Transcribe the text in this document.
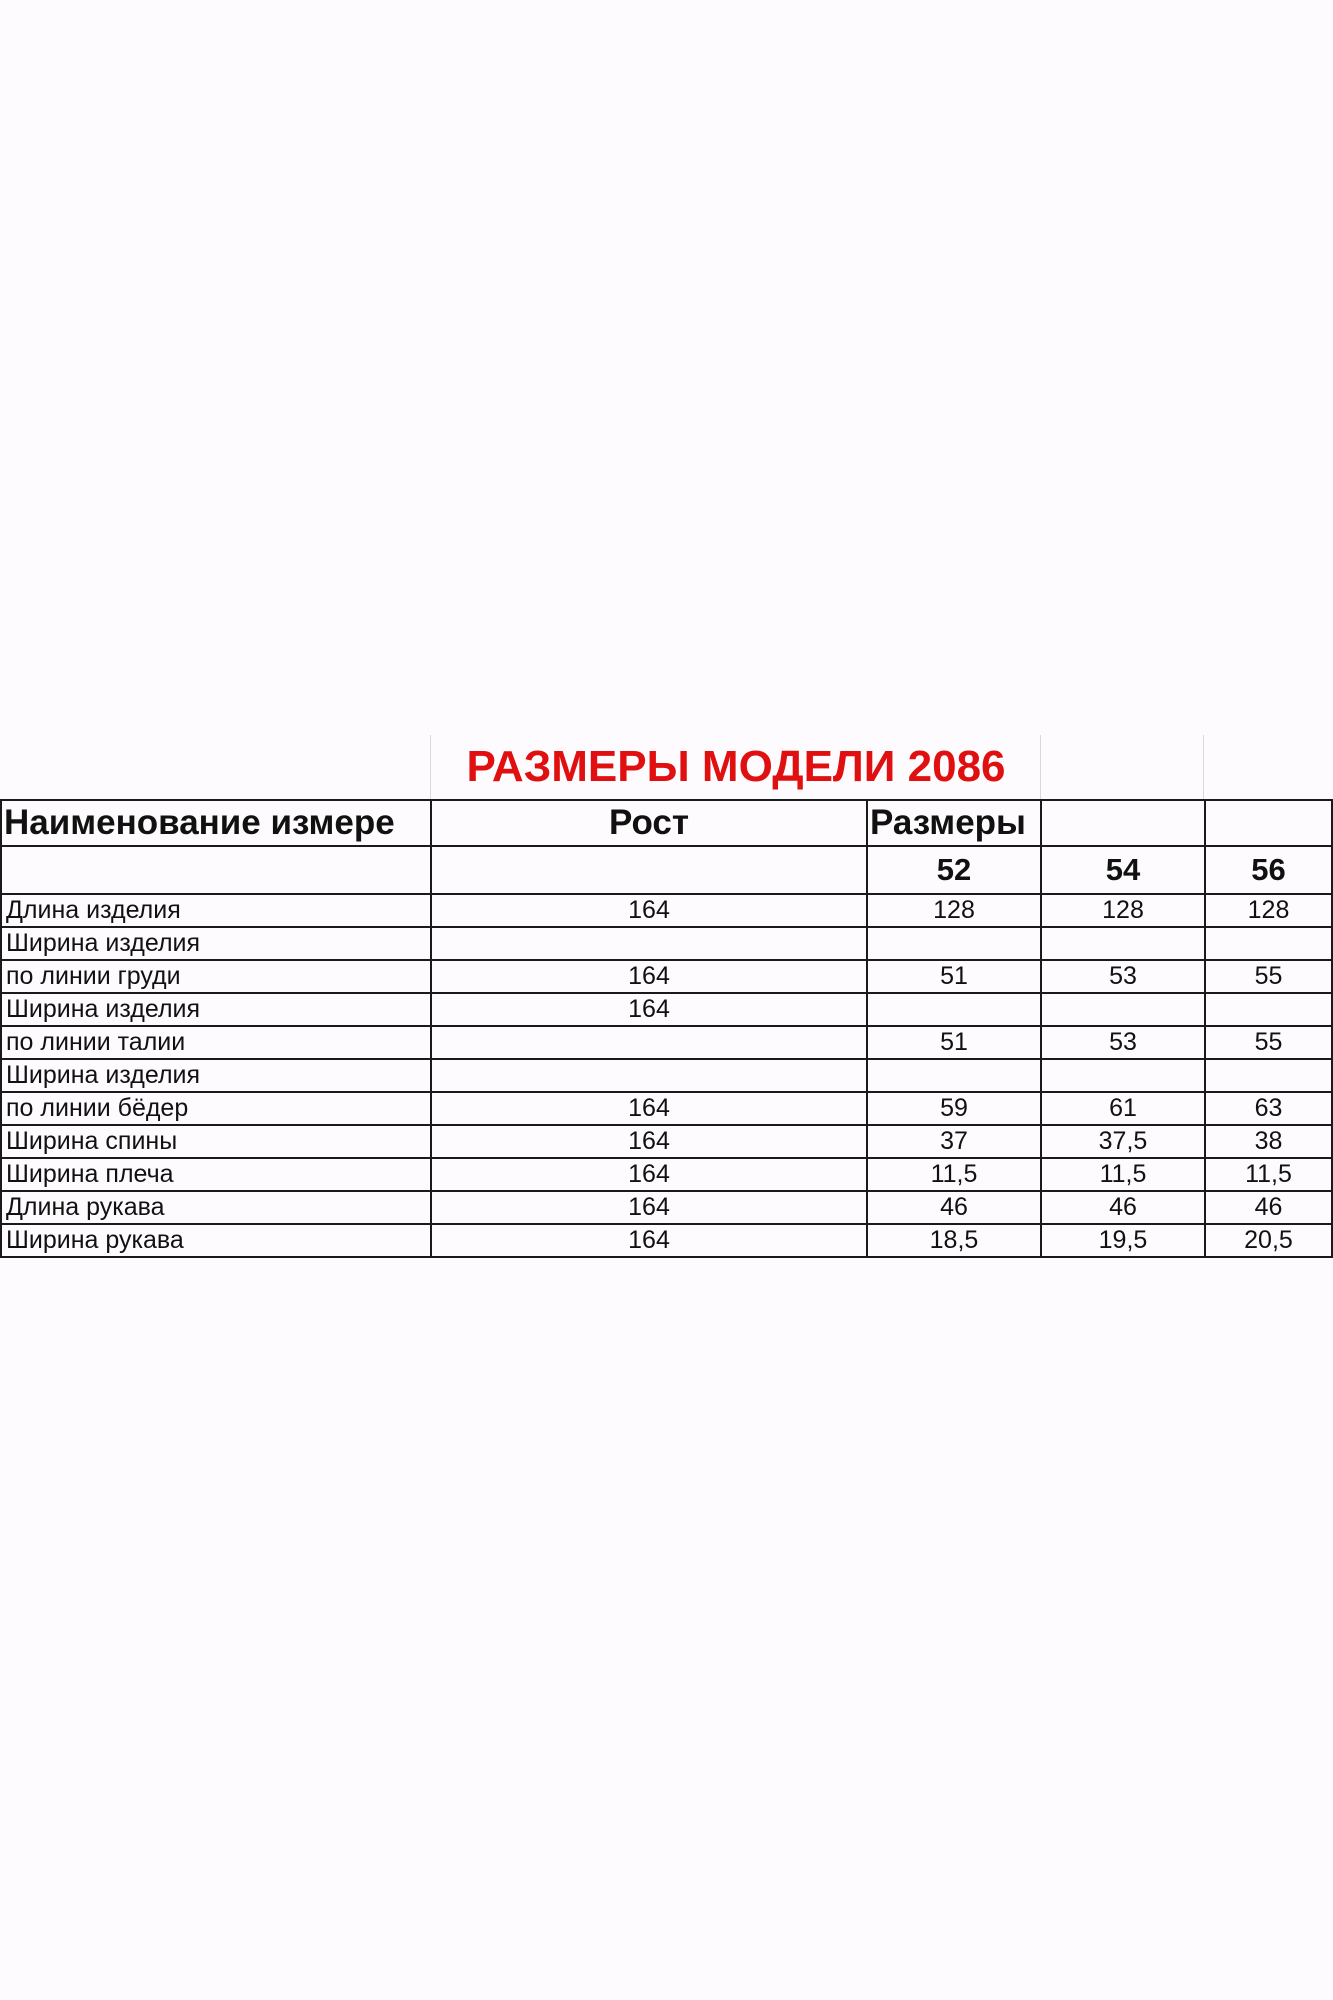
РАЗМЕРЫ МОДЕЛИ 2086
Наименование измере	Рост	Размеры		
		52	54	56
Длина изделия	164	128	128	128
Ширина изделия				
по линии груди	164	51	53	55
Ширина изделия	164			
по линии талии		51	53	55
Ширина изделия				
по линии бёдер	164	59	61	63
Ширина спины	164	37	37,5	38
Ширина плеча	164	11,5	11,5	11,5
Длина рукава	164	46	46	46
Ширина рукава	164	18,5	19,5	20,5
